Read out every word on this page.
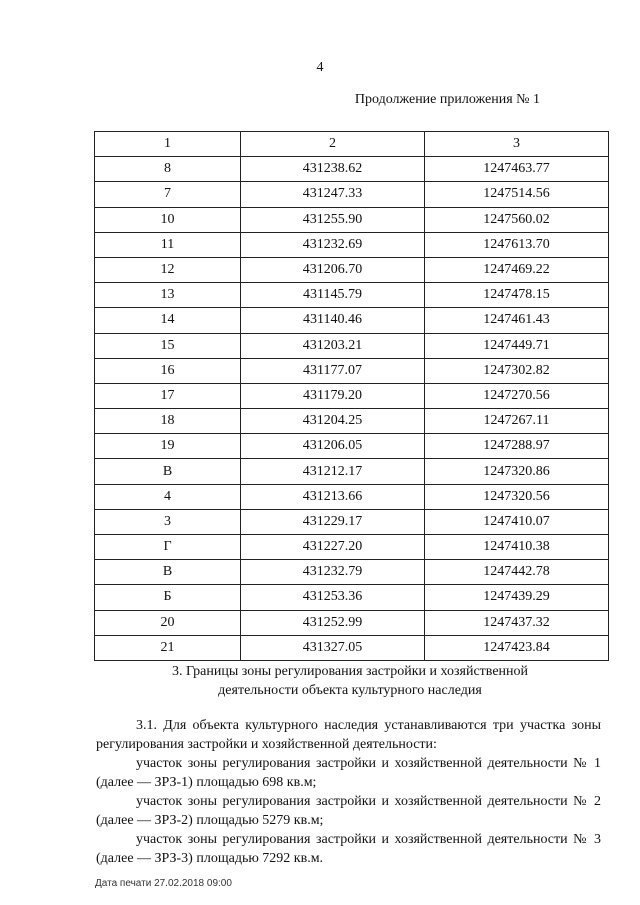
4
Продолжение приложения № 1
1	2	3
8	431238.62	1247463.77
7	431247.33	1247514.56
10	431255.90	1247560.02
11	431232.69	1247613.70
12	431206.70	1247469.22
13	431145.79	1247478.15
14	431140.46	1247461.43
15	431203.21	1247449.71
16	431177.07	1247302.82
17	431179.20	1247270.56
18	431204.25	1247267.11
19	431206.05	1247288.97
В	431212.17	1247320.86
4	431213.66	1247320.56
3	431229.17	1247410.07
Г	431227.20	1247410.38
В	431232.79	1247442.78
Б	431253.36	1247439.29
20	431252.99	1247437.32
21	431327.05	1247423.84
3. Границы зоны регулирования застройки и хозяйственной
деятельности объекта культурного наследия

3.1. Для объекта культурного наследия устанавливаются три участка зоны регулирования застройки и хозяйственной деятельности:

участок зоны регулирования застройки и хозяйственной деятельности № 1 (далее — ЗРЗ-1) площадью 698 кв.м;

участок зоны регулирования застройки и хозяйственной деятельности № 2 (далее — ЗРЗ-2) площадью 5279 кв.м;

участок зоны регулирования застройки и хозяйственной деятельности № 3 (далее — ЗРЗ-3) площадью 7292 кв.м.

Дата печати 27.02.2018 09:00
